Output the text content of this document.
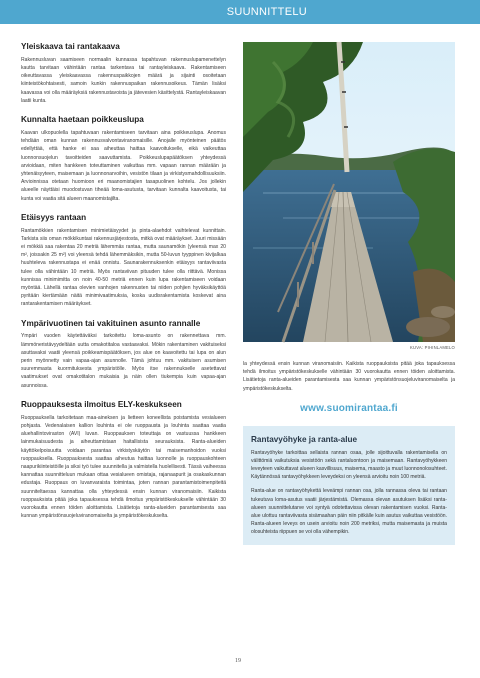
SUUNNITTELU
Yleiskaava tai rantakaava

Rakennusluvan saamiseen normaalin kunnassa tapahtuvan rakennuslupamenettelyn kautta tarvitaan vähintään rantaa tarkentava tai rantayleiskaava. Rakentamiseen oikeuttavassa yleiskaavassa rakennuspaikkojen määrä ja sijainti osoitetaan kiinteistökohtaisesti, samoin kunkin rakennuspaikan rakennusoikeus. Tämän lisäksi kaavassa voi olla määräyksiä rakennustavoista ja jätevesien käsittelystä. Rantayleiskaavan laatii kunta.

Kunnalta haetaan poikkeuslupa

Kaavan ulkopuolella tapahtuvaan rakentamiseen tarvitaan aina poikkeuslupa. Anomus tehdään oman kunnan rakennusvalvontaviranomaisille. Anojalle myönteinen päätös edellyttää, että hanke ei saa aiheuttaa haittaa kaavoitukselle, eikä vaikeuttaa luonnonsuojelun tavoitteiden saavuttamista. Poikkeuslupapäätöksen yhteydessä arvioidaan, miten hankkeen toteuttaminen vaikuttaa mm. vapaan rannan määrään ja yhtenäisyyteen, maisemaan ja luonnonarvoihin, vesistön tilaan ja virkistysmahdollisuuksiin. Arvioinnissa otetaan huomioon eri maanomistajien tasapuolinen kohtelu. Jos jollekin alueelle näyttäisi muodostuvan tiheää loma-asutusta, tarvitaan kunnalta kaavoitusta, tai kunta voi vaatia sitä alueen maanomistajilta.

Etäisyys rantaan

Rantamökkien rakentamisen minimietäisyydet ja pinta-alaehdot vaihtelevat kunnittain. Tarkista siis oman mökkikuntasi rakennusjärjestosta, mitkä ovat määräykset. Juuri missään ei mökkiä saa rakentaa 20 metriä lähemmäs rantaa, mutta saunamökin (yleensä max 20 m², joissakin 25 m²) voi yleensä tehdä lähemmäksikin, mutta 50-luvun tyyppinen kivijalkaa huuhteleva rakennustapa ei enää onnistu. Saunarakennuksenkin etäisyys rantaviivasta tulee olla vähintään 10 metriä. Myös rantaviivan pituuden tulee olla riittävä. Monissa kunnissa minimimitta on noin 40-50 metriä ennen kuin lupa rakentamiseen voidaan myöntää. Lähellä rantaa olevien vanhojen rakennusten tai niiden pohjien hyväksikäyttöä pyritään kiertämään näitä minimivaatimuksia, koska uudisrakentamista koskevat aina rantarakentamisen määräykset.

Ympärivuotinen tai vakituinen asunto rannalle

Ympäri vuoden käytettäväksi tarkoitettu loma-asunto on rakennettava mm. lämmöneristävyydeltään uutta omakotitaloa vastaavaksi. Mökin rakentaminen vakituiseksi asuttavaksi vaatii yleensä poikkeamispäätöksen, jos alue on kaavoitettu tai lupa on alun perin myönnetty vain vapaa-ajan asunnolle. Tämä johtuu mm. vakituisen asumisen suuremmasta kuormituksesta ympäristölle. Myös itse rakennukselle asetettavat vaatimukset ovat omakotitalon mukaisia ja näin ollen tiukempia kuin vapaa-ajan asunnoissa.

Ruoppauksesta ilmoitus ELY-keskukseen

Ruoppauksella tarkoitetaan maa-aineksen ja lietteen koneellista poistamista vesialueen pohjasta. Vedenalaisen kallion louhinta ei ole ruoppausta ja louhinta saattaa vaatia aluehallintoviraston (AVI) luvan. Ruoppauksen toteuttaja on vastuussa hankkeen lainmukaisuudesta ja aiheuttamistaan haitallisista seurauksista. Ranta-alueiden käyttökelpoisuutta voidaan parantaa virkistyskäytön tai maisemanhoidon vuoksi ruoppauksella. Ruoppauksesta saattaa aiheutua haittaa luonnolle ja ruoppauskohteen naapurikiinteistöille ja siksi työ tulee suunnitella ja valmistella huolellisesti. Tässä vaiheessa kannattaa suunnitteluun mukaan ottaa vesialueen omistaja, rajanaapurit ja osakaskunnan edustaja. Ruoppaus on luvanvaraista toimintaa, joten rannan parantamistoimenpiteitä suunniteltaessa kannattaa olla yhteydessä ensin kunnan viranomaisiin. Kaikista ruoppauksista pitää joka tapauksessa tehdä ilmoitus ympäristökeskukselle vähintään 30 vuorokautta ennen töiden aloittamista. Lisätietoja ranta-alueiden parantamisesta saa kunnan ympäristönsuojeluviranomaiselta ja ympäristökeskukselta.

KUVA: PIHINLAMELO

la yhteydessä ensin kunnan viranomaisiin. Kaikista ruoppauksista pitää joka tapauksessa tehdä ilmoitus ympäristökeskukselle vähintään 30 vuorokautta ennen töiden aloittamista. Lisätietoja ranta-alueiden parantamisesta saa kunnan ympäristönsuojeluviranomaiselta ja ympäristökeskukselta.

www.suomirantaa.fi
Rantavyöhyke ja ranta-alue

Rantavyöhyke tarkoittaa sellaista rannan osaa, jolle sijoittuvalla rakentamisella on välittömiä vaikutuksia vesistöön sekä rantaluontoon ja maisemaan. Rantavyöhykkeen leveyteen vaikuttavat alueen kasvillisuus, maisema, maasto ja muut luonnonolosuhteet. Käytännössä rantavyöhykkeen leveydeksi on yleensä arvioitu noin 100 metriä.

Ranta-alue on rantavyöhykettä leveämpi rannan osa, jolla rannassa oleva tai rantaan tukeutuva loma-asutus vaatii järjestämistä. Olemassa olevan asutuksen lisäksi ranta-alueen suunnittelutarve voi syntyä odotettavissa olevan rakentamisen vuoksi. Ranta-alue ulottuu rantaviivasta sisämaahan päin niin pitkälle kuin asutus vaikuttaa vesistöön. Ranta-alueen leveys on usein arvioitu noin 200 metriksi, mutta maisemasta ja muista olosuhteista riippuen se voi olla vähempikin.

19
